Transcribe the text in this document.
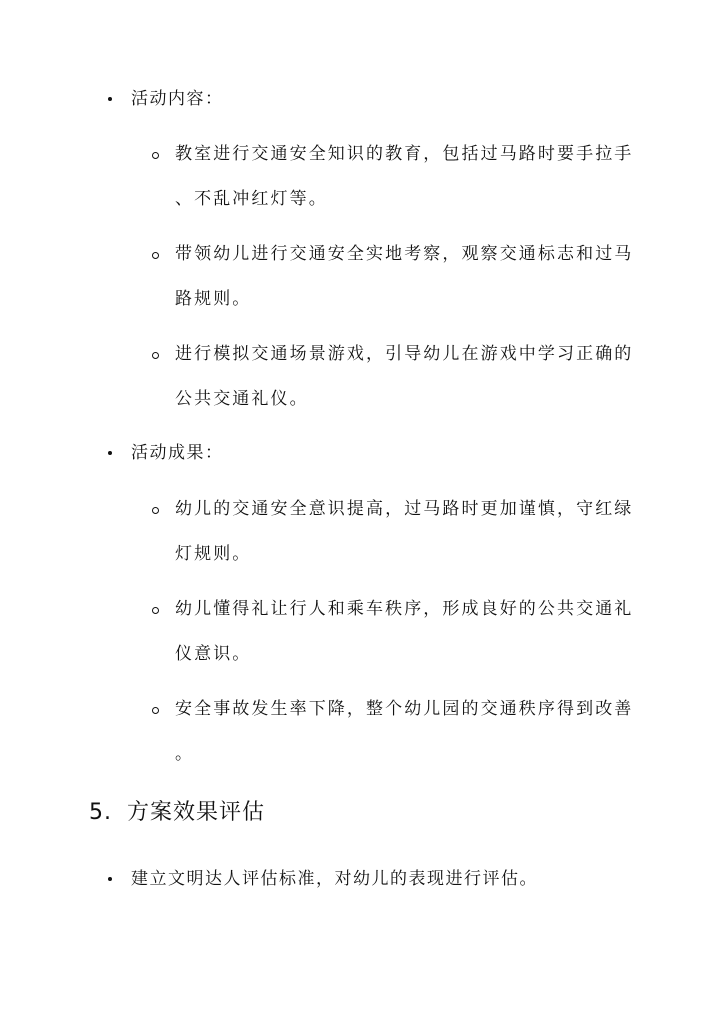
活动内容：
教室进行交通安全知识的教育，包括过马路时要手拉手
、不乱冲红灯等。
带领幼儿进行交通安全实地考察，观察交通标志和过马
路规则。
进行模拟交通场景游戏，引导幼儿在游戏中学习正确的
公共交通礼仪。
活动成果：
幼儿的交通安全意识提高，过马路时更加谨慎，守红绿
灯规则。
幼儿懂得礼让行人和乘车秩序，形成良好的公共交通礼
仪意识。
安全事故发生率下降，整个幼儿园的交通秩序得到改善
。
5. 方案效果评估
建立文明达人评估标准，对幼儿的表现进行评估。
